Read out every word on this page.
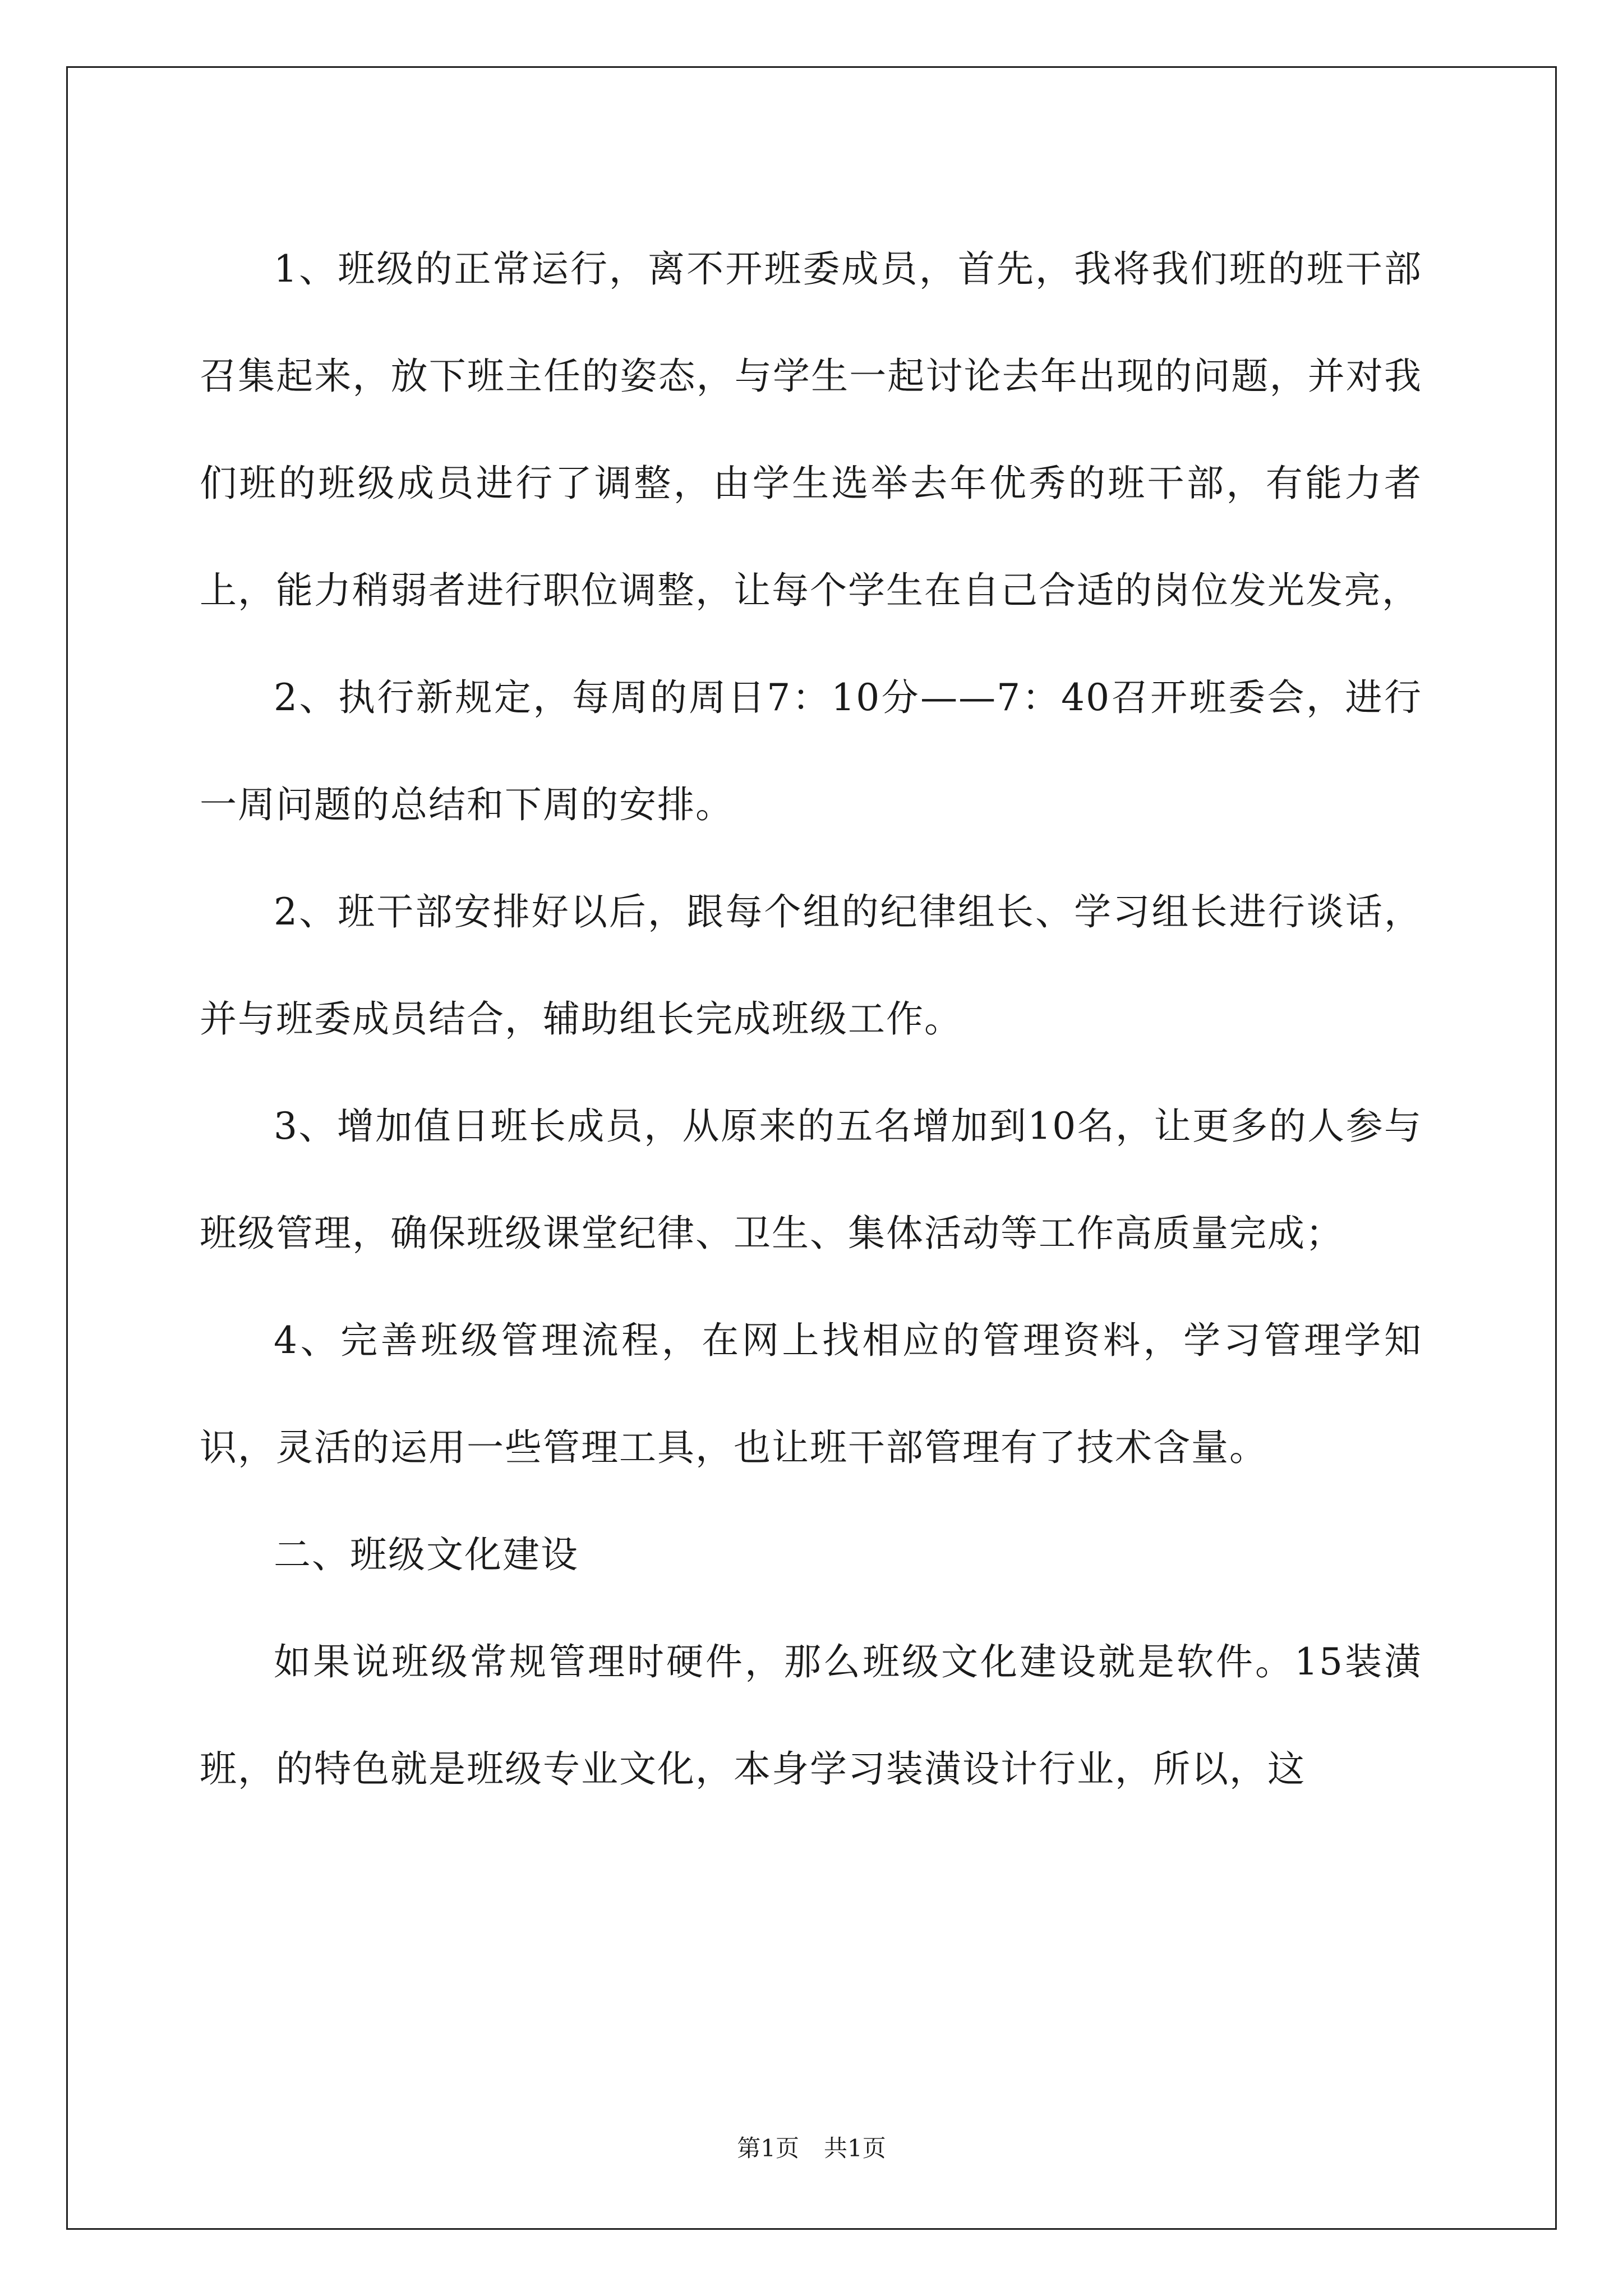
1、班级的正常运行，离不开班委成员，首先，我将我们班的班干部召集起来，放下班主任的姿态，与学生一起讨论去年出现的问题，并对我们班的班级成员进行了调整，由学生选举去年优秀的班干部，有能力者上，能力稍弱者进行职位调整，让每个学生在自己合适的岗位发光发亮，

2、执行新规定，每周的周日7：10分——7：40召开班委会，进行一周问题的总结和下周的安排。

2、班干部安排好以后，跟每个组的纪律组长、学习组长进行谈话，并与班委成员结合，辅助组长完成班级工作。

3、增加值日班长成员，从原来的五名增加到10名，让更多的人参与班级管理，确保班级课堂纪律、卫生、集体活动等工作高质量完成；

4、完善班级管理流程，在网上找相应的管理资料，学习管理学知识，灵活的运用一些管理工具，也让班干部管理有了技术含量。

二、班级文化建设

如果说班级常规管理时硬件，那么班级文化建设就是软件。15装潢班，的特色就是班级专业文化，本身学习装潢设计行业，所以，这

第1页 共1页
